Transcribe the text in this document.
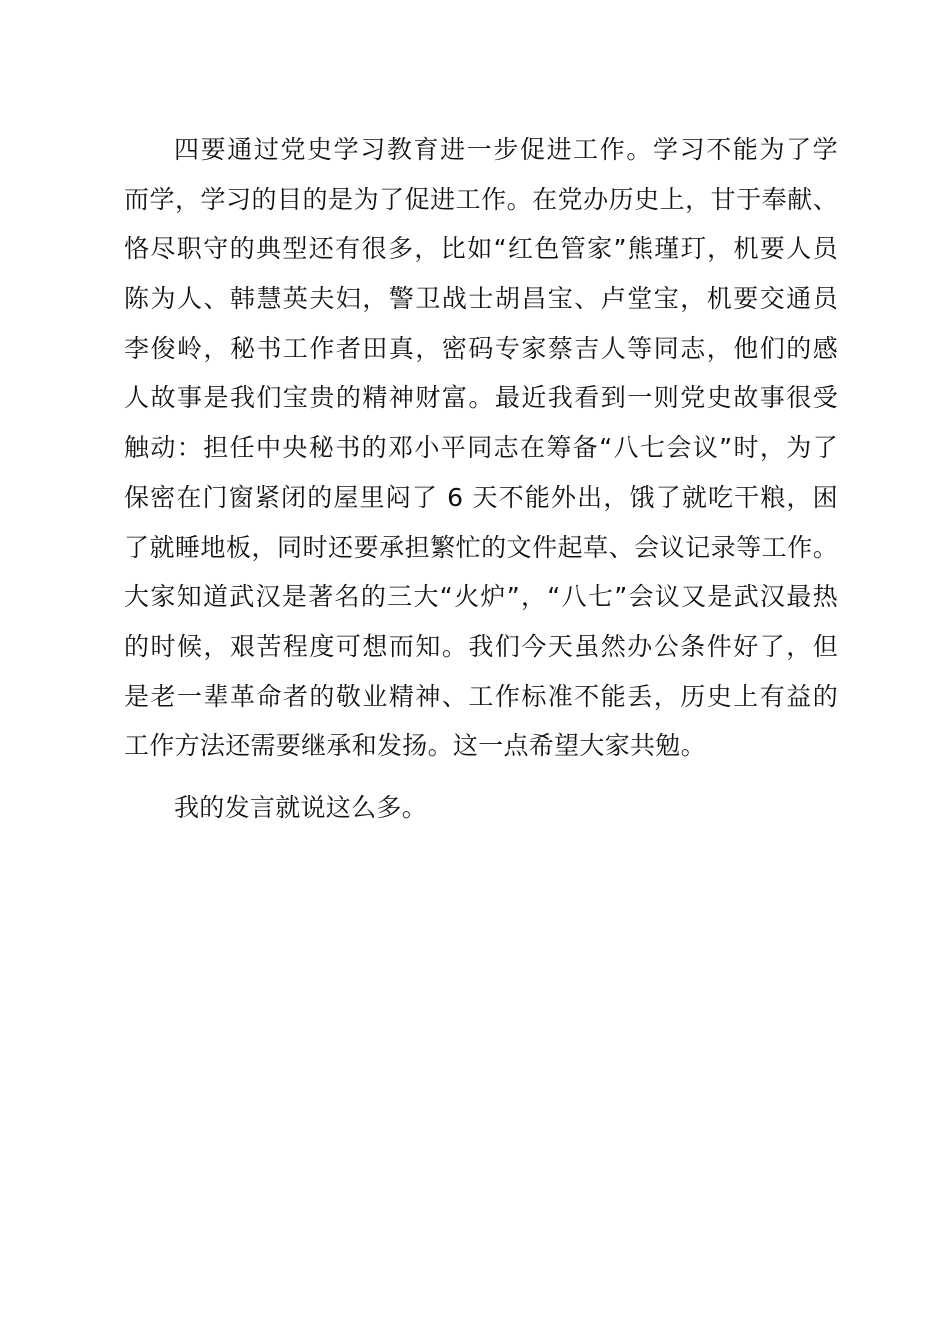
四要通过党史学习教育进一步促进工作。学习不能为了学
而学，学习的目的是为了促进工作。在党办历史上，甘于奉献、
恪尽职守的典型还有很多，比如“红色管家”熊瑾玎，机要人员
陈为人、韩慧英夫妇，警卫战士胡昌宝、卢堂宝，机要交通员
李俊岭，秘书工作者田真，密码专家蔡吉人等同志，他们的感
人故事是我们宝贵的精神财富。最近我看到一则党史故事很受
触动：担任中央秘书的邓小平同志在筹备“八七会议”时，为了
保密在门窗紧闭的屋里闷了 6 天不能外出，饿了就吃干粮，困
了就睡地板，同时还要承担繁忙的文件起草、会议记录等工作。
大家知道武汉是著名的三大“火炉”，“八七”会议又是武汉最热
的时候，艰苦程度可想而知。我们今天虽然办公条件好了，但
是老一辈革命者的敬业精神、工作标准不能丢，历史上有益的
工作方法还需要继承和发扬。这一点希望大家共勉。
我的发言就说这么多。
